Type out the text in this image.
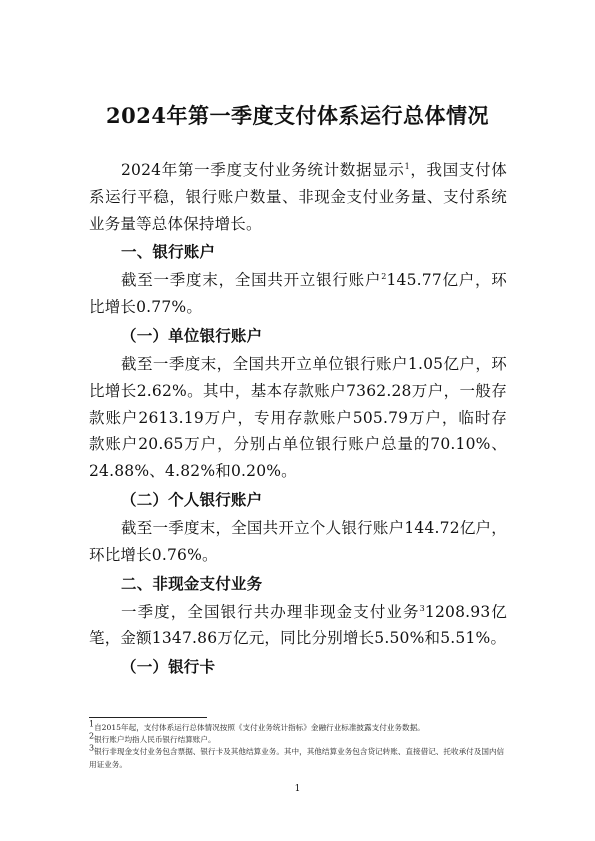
2024年第一季度支付体系运行总体情况

2024年第一季度支付业务统计数据显示$^1$，我国支付体系运行平稳，银行账户数量、非现金支付业务量、支付系统业务量等总体保持增长。

一、银行账户

截至一季度末，全国共开立银行账户$^2$145.77亿户，环比增长0.77%。

（一）单位银行账户

截至一季度末，全国共开立单位银行账户1.05亿户，环比增长2.62%。其中，基本存款账户7362.28万户，一般存款账户2613.19万户，专用存款账户505.79万户，临时存款账户20.65万户，分别占单位银行账户总量的70.10%、24.88%、4.82%和0.20%。

（二）个人银行账户

截至一季度末，全国共开立个人银行账户144.72亿户，环比增长0.76%。

二、非现金支付业务

一季度，全国银行共办理非现金支付业务$^3$1208.93亿笔，金额1347.86万亿元，同比分别增长5.50%和5.51%。

（一）银行卡
$^1$自2015年起，支付体系运行总体情况按照《支付业务统计指标》金融行业标准披露支付业务数据。
$^2$银行账户均指人民币银行结算账户。
$^3$银行非现金支付业务包含票据、银行卡及其他结算业务。其中，其他结算业务包含贷记转账、直接借记、托收承付及国内信用证业务。
1
